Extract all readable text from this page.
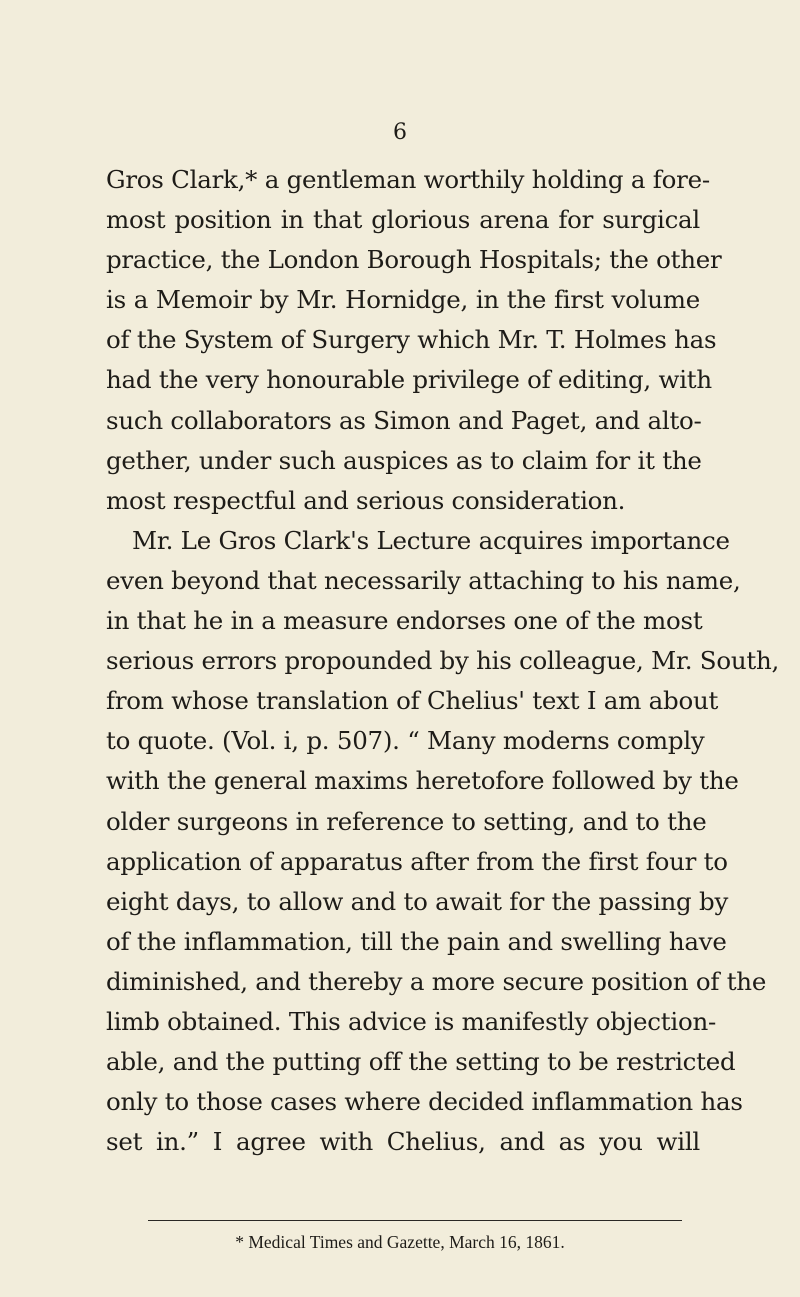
6
Gros Clark,* a gentleman worthily holding a fore-
most position in that glorious arena for surgical
practice, the London Borough Hospitals; the other
is a Memoir by Mr. Hornidge, in the first volume
of the System of Surgery which Mr. T. Holmes has
had the very honourable privilege of editing, with
such collaborators as Simon and Paget, and alto-
gether, under such auspices as to claim for it the
most respectful and serious consideration.
Mr. Le Gros Clark's Lecture acquires importance
even beyond that necessarily attaching to his name,
in that he in a measure endorses one of the most
serious errors propounded by his colleague, Mr. South,
from whose translation of Chelius' text I am about
to quote. (Vol. i, p. 507). “ Many moderns comply
with the general maxims heretofore followed by the
older surgeons in reference to setting, and to the
application of apparatus after from the first four to
eight days, to allow and to await for the passing by
of the inflammation, till the pain and swelling have
diminished, and thereby a more secure position of the
limb obtained. This advice is manifestly objection-
able, and the putting off the setting to be restricted
only to those cases where decided inflammation has
set in.” I agree with Chelius, and as you will
* Medical Times and Gazette, March 16, 1861.
